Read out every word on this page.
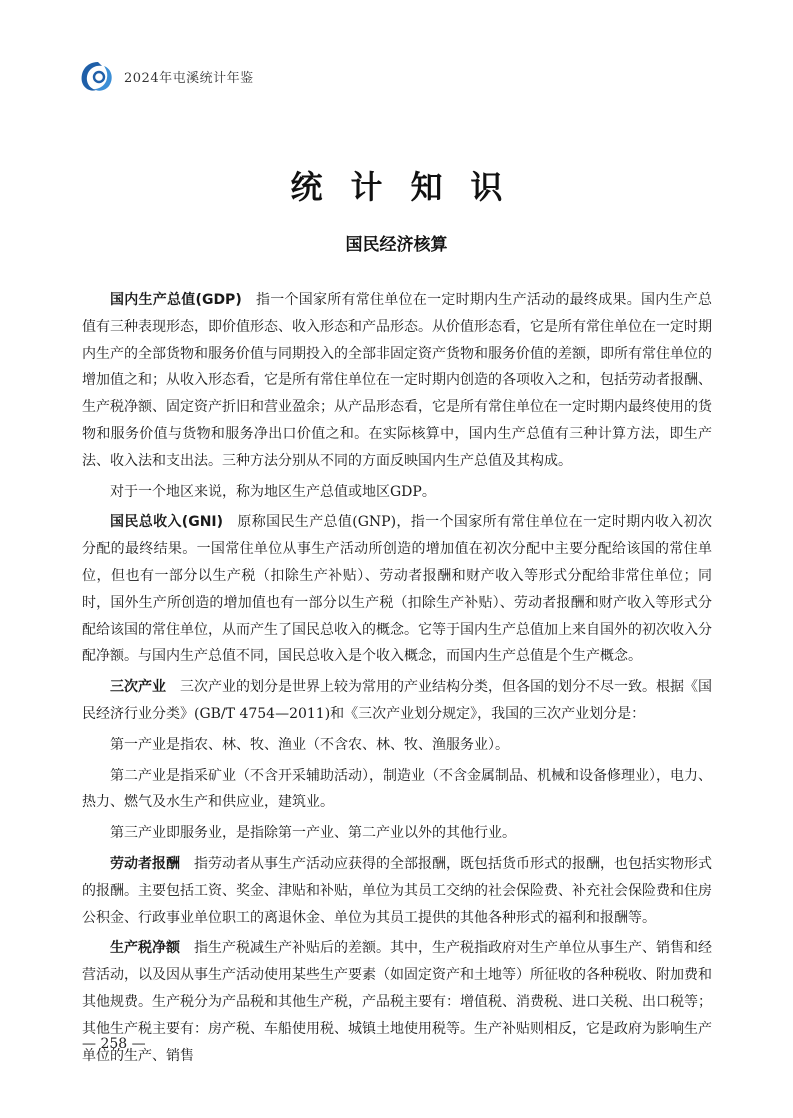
2024年屯溪统计年鉴
统计知识
国民经济核算

国内生产总值(GDP) 指一个国家所有常住单位在一定时期内生产活动的最终成果。国内生产总值有三种表现形态，即价值形态、收入形态和产品形态。从价值形态看，它是所有常住单位在一定时期内生产的全部货物和服务价值与同期投入的全部非固定资产货物和服务价值的差额，即所有常住单位的增加值之和；从收入形态看，它是所有常住单位在一定时期内创造的各项收入之和，包括劳动者报酬、生产税净额、固定资产折旧和营业盈余；从产品形态看，它是所有常住单位在一定时期内最终使用的货物和服务价值与货物和服务净出口价值之和。在实际核算中，国内生产总值有三种计算方法，即生产法、收入法和支出法。三种方法分别从不同的方面反映国内生产总值及其构成。

对于一个地区来说，称为地区生产总值或地区GDP。

国民总收入(GNI) 原称国民生产总值(GNP)，指一个国家所有常住单位在一定时期内收入初次分配的最终结果。一国常住单位从事生产活动所创造的增加值在初次分配中主要分配给该国的常住单位，但也有一部分以生产税（扣除生产补贴）、劳动者报酬和财产收入等形式分配给非常住单位；同时，国外生产所创造的增加值也有一部分以生产税（扣除生产补贴）、劳动者报酬和财产收入等形式分配给该国的常住单位，从而产生了国民总收入的概念。它等于国内生产总值加上来自国外的初次收入分配净额。与国内生产总值不同，国民总收入是个收入概念，而国内生产总值是个生产概念。

三次产业 三次产业的划分是世界上较为常用的产业结构分类，但各国的划分不尽一致。根据《国民经济行业分类》(GB/T 4754—2011)和《三次产业划分规定》，我国的三次产业划分是：

第一产业是指农、林、牧、渔业（不含农、林、牧、渔服务业）。

第二产业是指采矿业（不含开采辅助活动），制造业（不含金属制品、机械和设备修理业），电力、热力、燃气及水生产和供应业，建筑业。

第三产业即服务业，是指除第一产业、第二产业以外的其他行业。

劳动者报酬 指劳动者从事生产活动应获得的全部报酬，既包括货币形式的报酬，也包括实物形式的报酬。主要包括工资、奖金、津贴和补贴，单位为其员工交纳的社会保险费、补充社会保险费和住房公积金、行政事业单位职工的离退休金、单位为其员工提供的其他各种形式的福利和报酬等。

生产税净额 指生产税减生产补贴后的差额。其中，生产税指政府对生产单位从事生产、销售和经营活动，以及因从事生产活动使用某些生产要素（如固定资产和土地等）所征收的各种税收、附加费和其他规费。生产税分为产品税和其他生产税，产品税主要有：增值税、消费税、进口关税、出口税等；其他生产税主要有：房产税、车船使用税、城镇土地使用税等。生产补贴则相反，它是政府为影响生产单位的生产、销售

— 258 —
